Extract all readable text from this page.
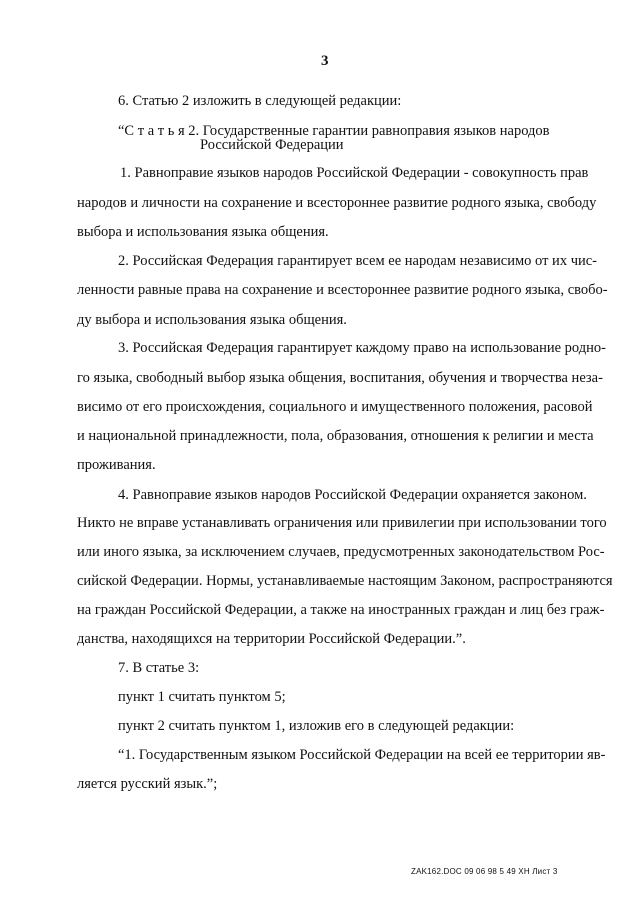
3
6. Статью 2 изложить в следующей редакции:
“С т а т ь я 2. Государственные гарантии равноправия языков народов
Российской Федерации
1. Равноправие языков народов Российской Федерации - совокупность прав
народов и личности на сохранение и всестороннее развитие родного языка, свободу
выбора и использования языка общения.
2. Российская Федерация гарантирует всем ее народам независимо от их чис-
ленности равные права на сохранение и всестороннее развитие родного языка, свобо-
ду выбора и использования языка общения.
3. Российская Федерация гарантирует каждому право на использование родно-
го языка, свободный выбор языка общения, воспитания, обучения и творчества неза-
висимо от его происхождения, социального и имущественного положения, расовой
и национальной принадлежности, пола, образования, отношения к религии и места
проживания.
4. Равноправие языков народов Российской Федерации охраняется законом.
Никто не вправе устанавливать ограничения или привилегии при использовании того
или иного языка, за исключением случаев, предусмотренных законодательством Рос-
сийской Федерации. Нормы, устанавливаемые настоящим Законом, распространяются
на граждан Российской Федерации, а также на иностранных граждан и лиц без граж-
данства, находящихся на территории Российской Федерации.”.
7. В статье 3:
пункт 1 считать пунктом 5;
пункт 2 считать пунктом 1, изложив его в следующей редакции:
“1. Государственным языком Российской Федерации на всей ее территории яв-
ляется русский язык.”;
ZAK162.DOC 09 06 98 5 49 XH Лист 3
